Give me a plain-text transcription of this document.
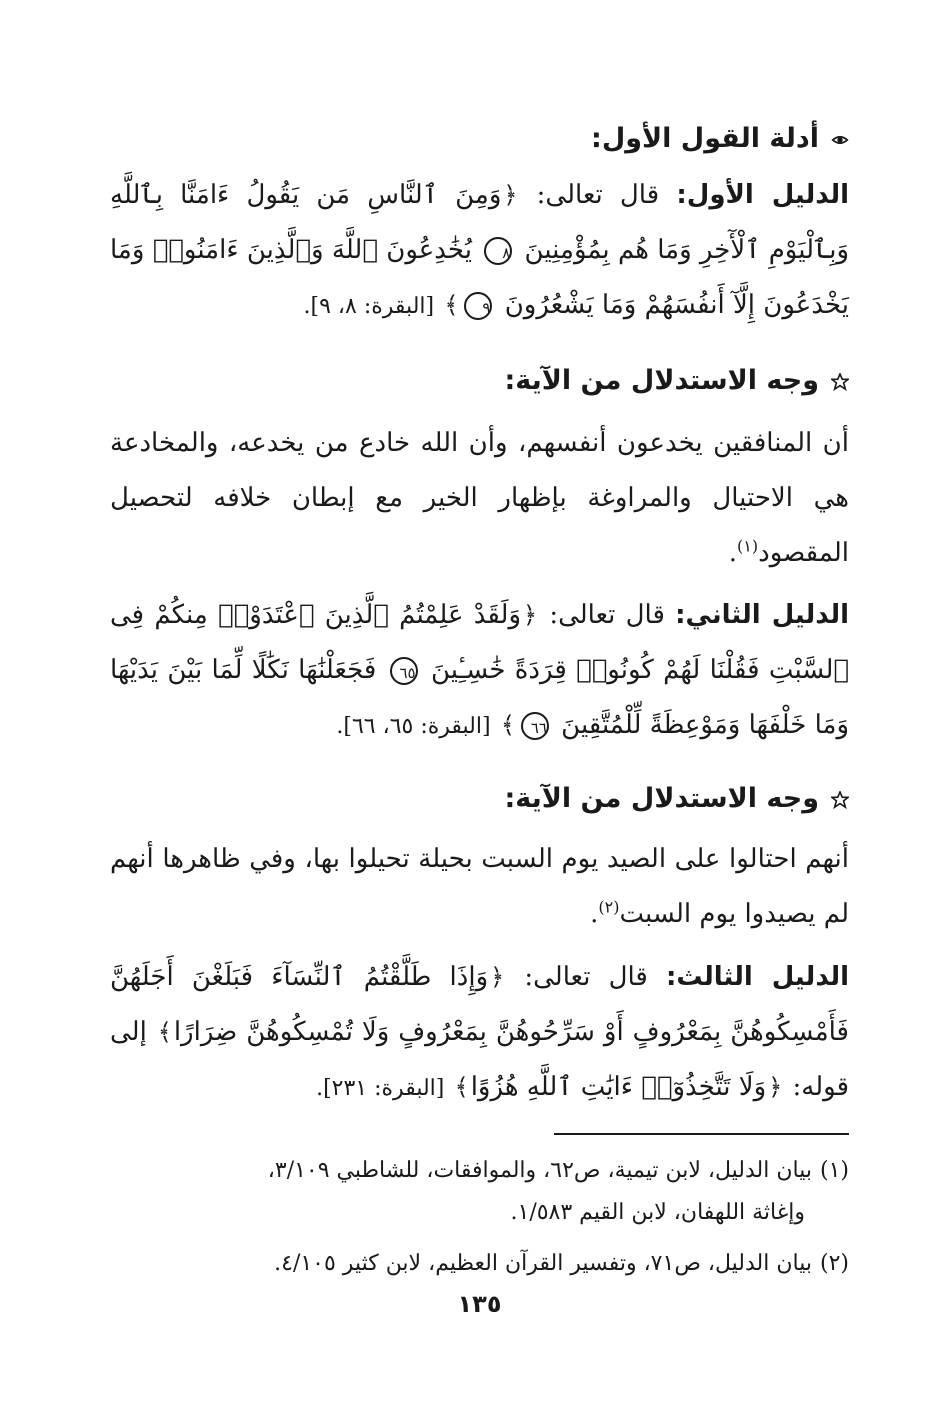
أدلة القول الأول:
الدليل الأول: قال تعالى: ﴿وَمِنَ ٱلنَّاسِ مَن يَقُولُ ءَامَنَّا بِٱللَّهِ وَبِٱلْيَوْمِ ٱلْأٓخِرِ وَمَا هُم بِمُؤْمِنِينَ ٨ يُخَٰدِعُونَ ٱللَّهَ وَٱلَّذِينَ ءَامَنُوا۟ وَمَا يَخْدَعُونَ إِلَّآ أَنفُسَهُمْ وَمَا يَشْعُرُونَ ٩﴾ [البقرة: ٨، ٩].
وجه الاستدلال من الآية:
أن المنافقين يخدعون أنفسهم، وأن الله خادع من يخدعه، والمخادعة هي الاحتيال والمراوغة بإظهار الخير مع إبطان خلافه لتحصيل المقصود$^{(١)}$.
الدليل الثاني: قال تعالى: ﴿وَلَقَدْ عَلِمْتُمُ ٱلَّذِينَ ٱعْتَدَوْا۟ مِنكُمْ فِى ٱلسَّبْتِ فَقُلْنَا لَهُمْ كُونُوا۟ قِرَدَةً خَٰسِـِٔينَ ٦٥ فَجَعَلْنَٰهَا نَكَٰلًا لِّمَا بَيْنَ يَدَيْهَا وَمَا خَلْفَهَا وَمَوْعِظَةً لِّلْمُتَّقِينَ ٦٦﴾ [البقرة: ٦٥، ٦٦].
وجه الاستدلال من الآية:
أنهم احتالوا على الصيد يوم السبت بحيلة تحيلوا بها، وفي ظاهرها أنهم لم يصيدوا يوم السبت$^{(٢)}$.
الدليل الثالث: قال تعالى: ﴿وَإِذَا طَلَّقْتُمُ ٱلنِّسَآءَ فَبَلَغْنَ أَجَلَهُنَّ فَأَمْسِكُوهُنَّ بِمَعْرُوفٍ أَوْ سَرِّحُوهُنَّ بِمَعْرُوفٍ وَلَا تُمْسِكُوهُنَّ ضِرَارًا﴾ إلى قوله: ﴿وَلَا تَتَّخِذُوٓا۟ ءَايَٰتِ ٱللَّهِ هُزُوًا﴾ [البقرة: ٢٣١].
(١)بيان الدليل، لابن تيمية، ص٦٢، والموافقات، للشاطبي ٣/١٠٩،
وإغاثة اللهفان، لابن القيم ١/٥٨٣.
(٢)بيان الدليل، ص٧١، وتفسير القرآن العظيم، لابن كثير ٤/١٠٥.
١٣٥
